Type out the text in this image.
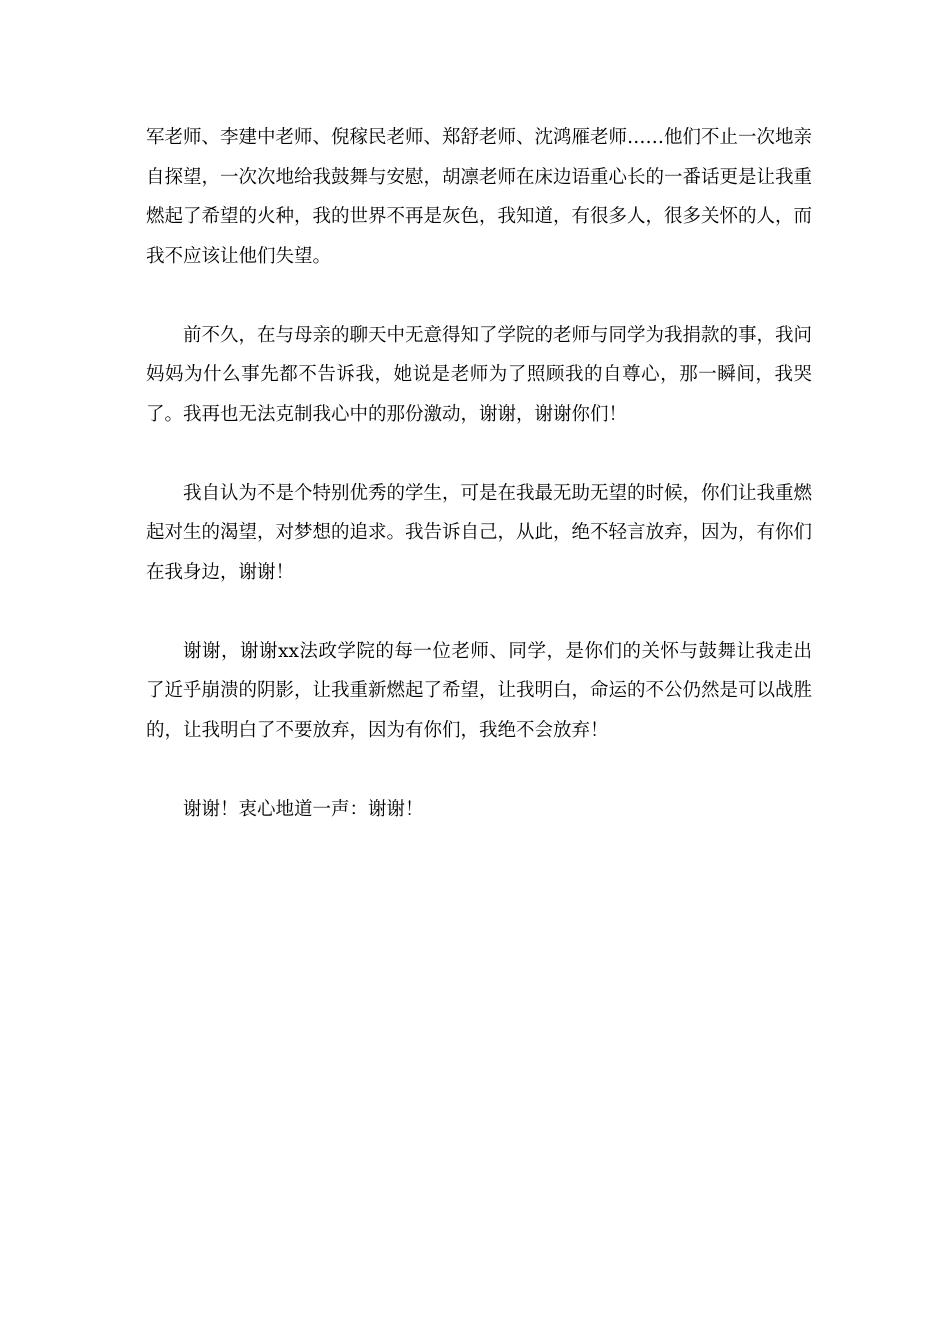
军老师、李建中老师、倪稼民老师、郑舒老师、沈鸿雁老师……他们不止一次地亲自探望，一次次地给我鼓舞与安慰，胡凛老师在床边语重心长的一番话更是让我重燃起了希望的火种，我的世界不再是灰色，我知道，有很多人，很多关怀的人，而我不应该让他们失望。

前不久，在与母亲的聊天中无意得知了学院的老师与同学为我捐款的事，我问妈妈为什么事先都不告诉我，她说是老师为了照顾我的自尊心，那一瞬间，我哭了。我再也无法克制我心中的那份激动，谢谢，谢谢你们！

我自认为不是个特别优秀的学生，可是在我最无助无望的时候，你们让我重燃起对生的渴望，对梦想的追求。我告诉自己，从此，绝不轻言放弃，因为，有你们在我身边，谢谢！

谢谢，谢谢xx法政学院的每一位老师、同学，是你们的关怀与鼓舞让我走出了近乎崩溃的阴影，让我重新燃起了希望，让我明白，命运的不公仍然是可以战胜的，让我明白了不要放弃，因为有你们，我绝不会放弃！

谢谢！衷心地道一声：谢谢！
